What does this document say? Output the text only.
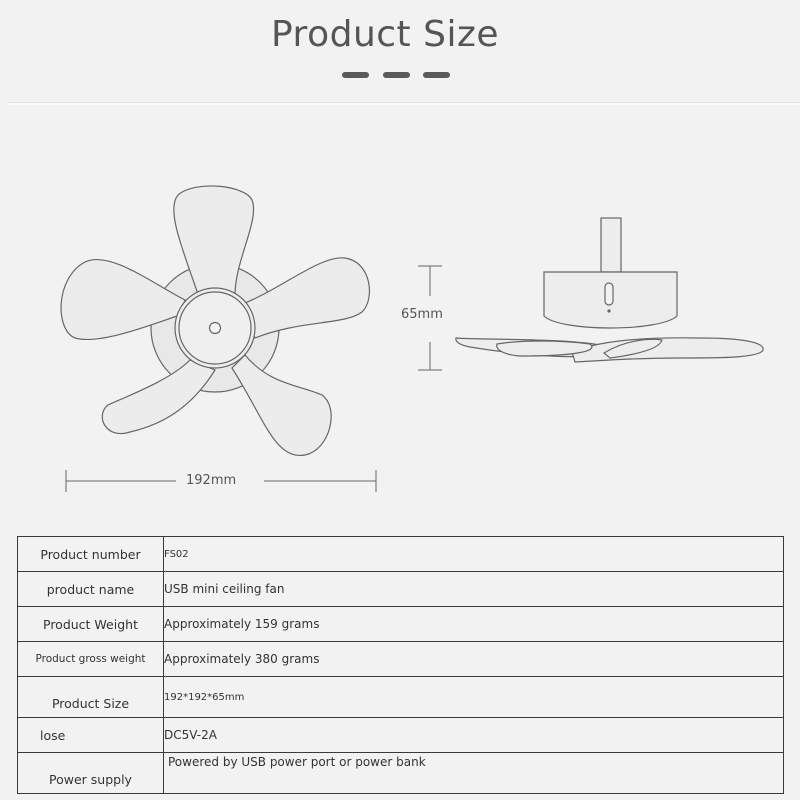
Product Size
192mm
65mm
Product number	FS02
product name	USB mini ceiling fan
Product Weight	Approximately 159 grams
Product gross weight	Approximately 380 grams
Product Size	192*192*65mm
lose	DC5V-2A
Power supply	Powered by USB power port or power bank
